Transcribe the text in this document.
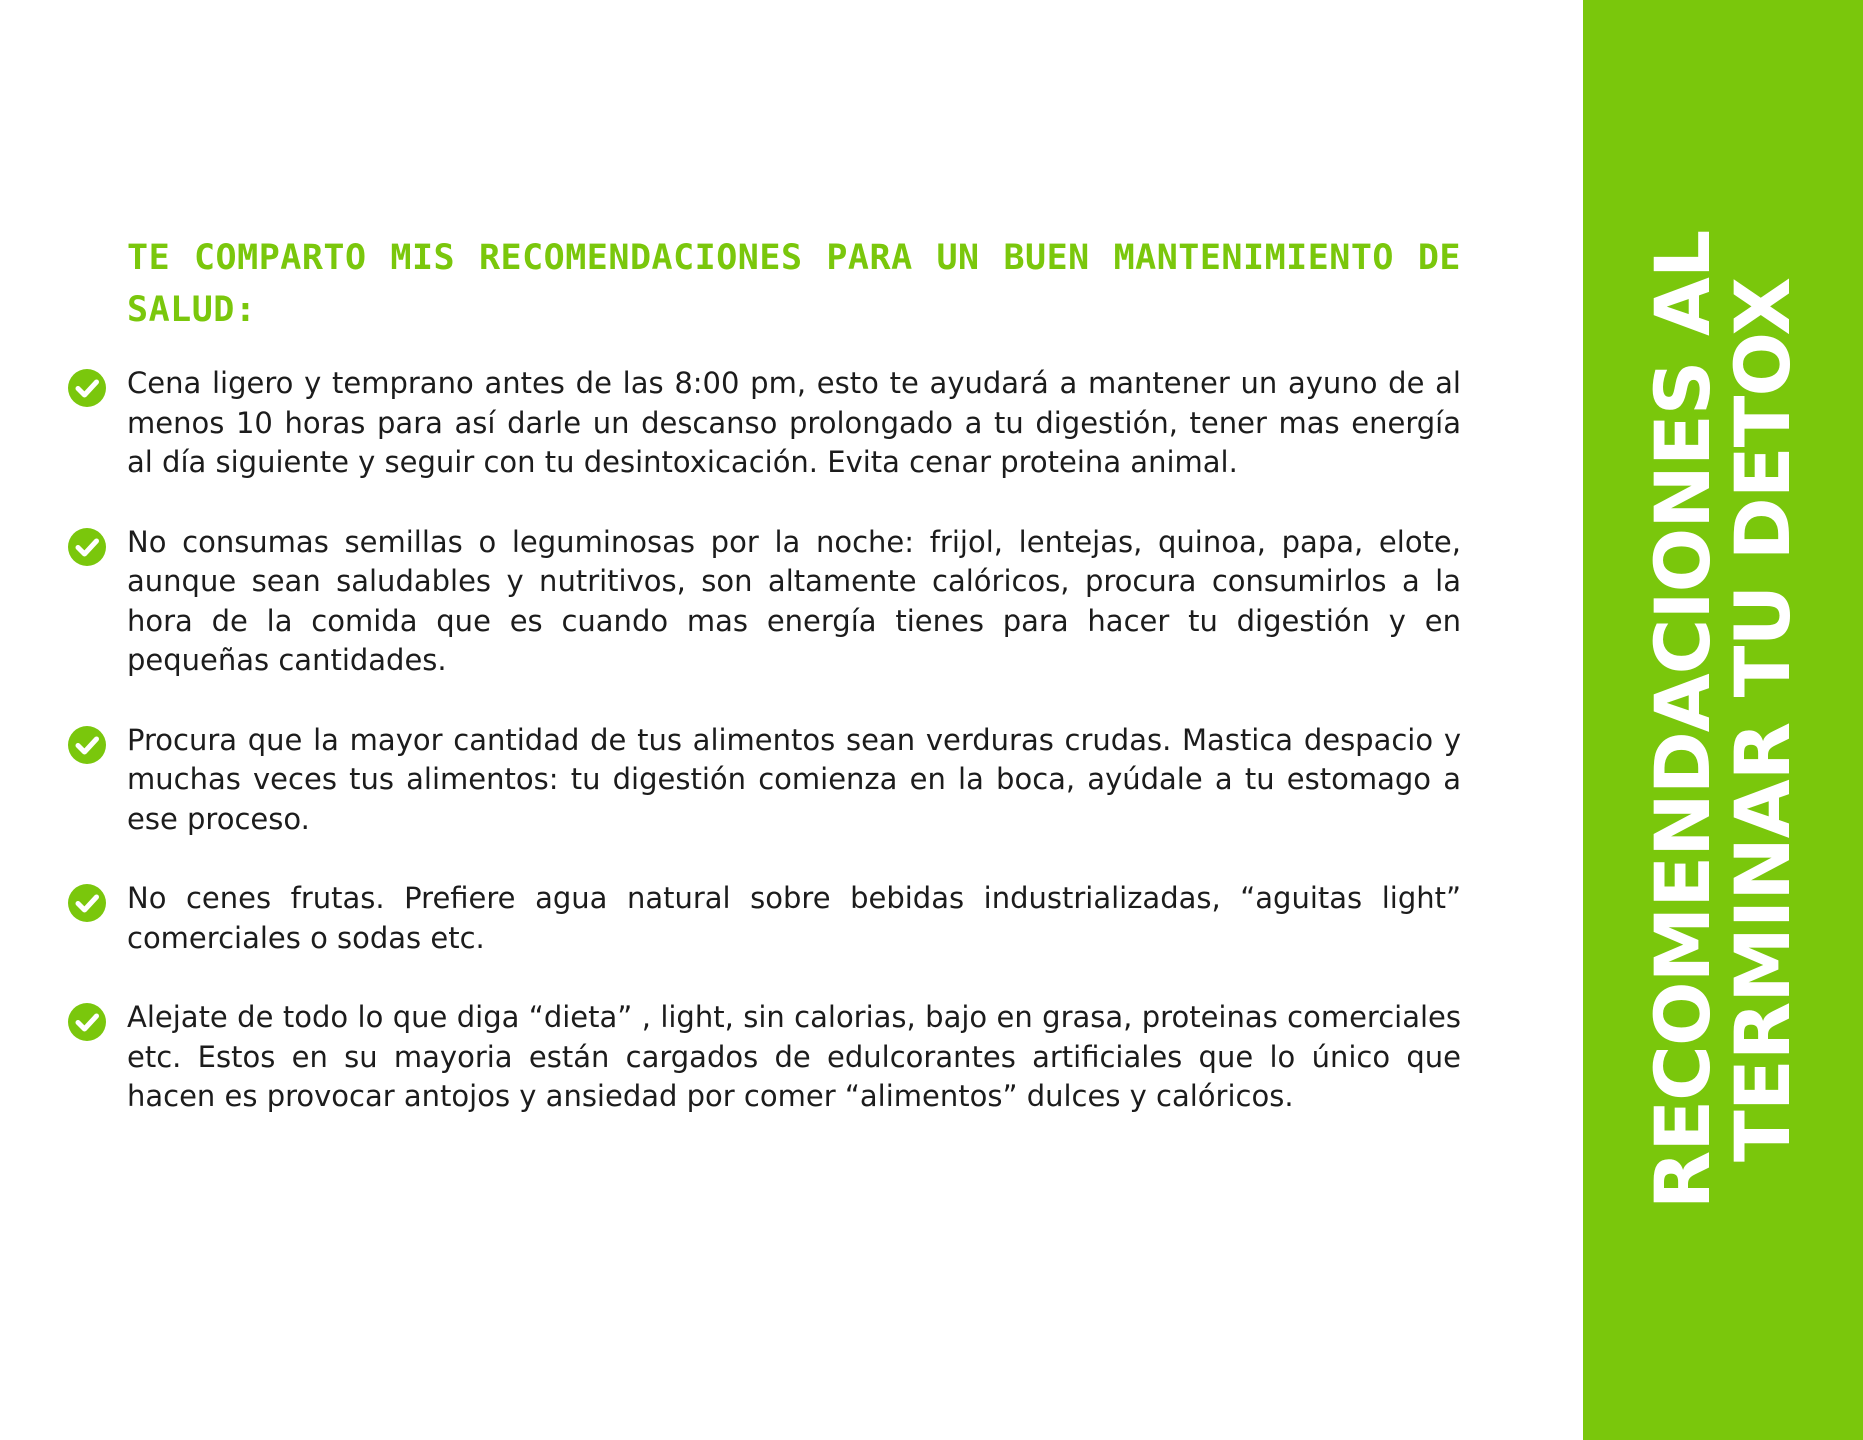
TE COMPARTO MIS RECOMENDACIONES PARA UN BUEN MANTENIMIENTO DE SALUD:

Cena ligero y temprano antes de las 8:00 pm, esto te ayudará a mantener un ayuno de al menos 10 horas para así darle un descanso prolongado a tu digestión, tener mas energía al día siguiente y seguir con tu desintoxicación. Evita cenar proteina animal.

No consumas semillas o leguminosas por la noche: frijol, lentejas, quinoa, papa, elote, aunque sean saludables y nutritivos, son altamente calóricos, procura consumirlos a la hora de la comida que es cuando mas energía tienes para hacer tu digestión y en pequeñas cantidades.

Procura que la mayor cantidad de tus alimentos sean verduras crudas. Mastica despacio y muchas veces tus alimentos: tu digestión comienza en la boca, ayúdale a tu estomago a ese proceso.

No cenes frutas. Prefiere agua natural sobre bebidas industrializadas, “aguitas light” comerciales o sodas etc.

Alejate de todo lo que diga “dieta” , light, sin calorias, bajo en grasa, proteinas comerciales etc. Estos en su mayoria están cargados de edulcorantes artificiales que lo único que hacen es provocar antojos y ansiedad por comer “alimentos” dulces y calóricos.	RECOMENDACIONES AL
TERMINAR TU DETOX
